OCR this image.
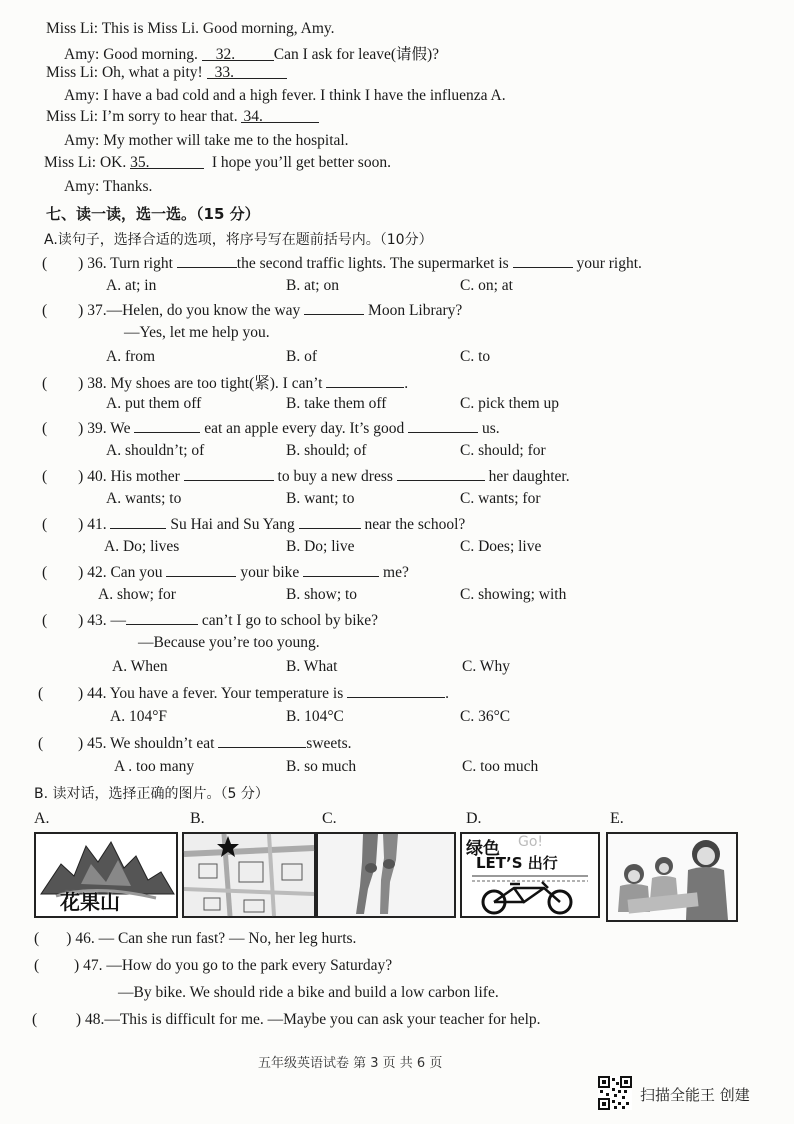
Miss Li: This is Miss Li. Good morning, Amy.
Amy: Good morning. 32. Can I ask for leave(请假)?
Miss Li: Oh, what a pity! 33.
Amy: I have a bad cold and a high fever. I think I have the influenza A.
Miss Li: I’m sorry to hear that. 34.
Amy: My mother will take me to the hospital.
Miss Li: OK. 35.	I hope you’ll get better soon.
Amy: Thanks.
七、读一读，选一选。（15 分）
A.读句子，选择合适的选项，将序号写在题前括号内。（10分）
(        ) 36. Turn right	the second traffic lights. The supermarket is	your right.
A. at; in	B. at; on	C. on; at
(        ) 37.—Helen, do you know the way	Moon Library?
—Yes, let me help you.
A. from	B. of	C. to
(        ) 38. My shoes are too tight(紧). I can’t	.
A. put them off	B. take them off	C. pick them up
(        ) 39. We	eat an apple every day. It’s good	us.
A. shouldn’t; of	B. should; of	C. should; for
(        ) 40. His mother	to buy a new dress	her daughter.
A. wants; to	B. want; to	C. wants; for
(        ) 41.	Su Hai and Su Yang	near the school?
A. Do; lives	B. Do; live	C. Does; live
(        ) 42. Can you	your bike	me?
A. show; for	B. show; to	C. showing; with
(        ) 43. —	can’t I go to school by bike?
—Because you’re too young.
A. When	B. What	C. Why
(         ) 44. You have a fever. Your temperature is	.
A. 104°F	B. 104°C	C. 36°C
(         ) 45. We shouldn’t eat	sweets.
A . too many	B. so much	C. too much
B. 读对话，选择正确的图片。（5 分）
A.	B.	C.	D.	E.
花果山
绿色 Go!
LET’S 出行
(       ) 46. — Can she run fast? — No, her leg hurts.
(         ) 47. —How do you go to the park every Saturday?
—By bike. We should ride a bike and build a low carbon life.
(          ) 48.—This is difficult for me. —Maybe you can ask your teacher for help.
五年级英语试卷 第 3 页 共 6 页
扫描全能王 创建
